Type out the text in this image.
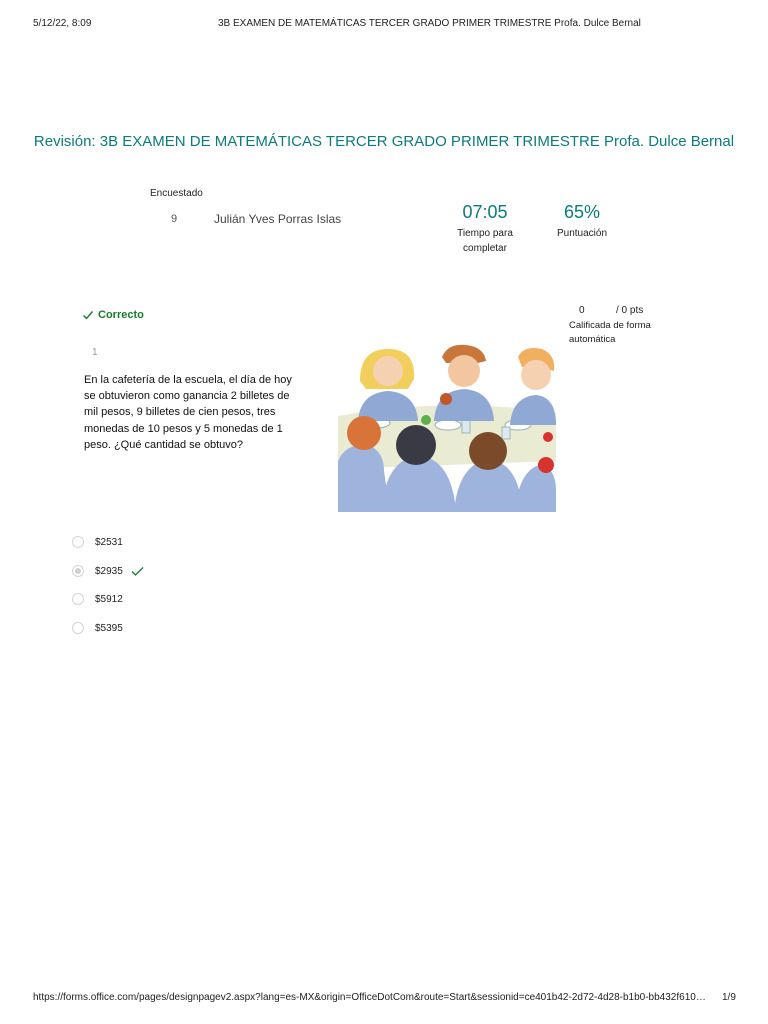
5/12/22, 8:09	3B EXAMEN DE MATEMÁTICAS TERCER GRADO PRIMER TRIMESTRE Profa. Dulce Bernal
Revisión: 3B EXAMEN DE MATEMÁTICAS TERCER GRADO PRIMER TRIMESTRE Profa. Dulce Bernal
Encuestado
9	Julián Yves Porras Islas	07:05
Tiempo para completar
65%
Puntuación
Correcto	0	/ 0 pts
Calificada de forma automática
1
En la cafetería de la escuela, el día de hoy se obtuvieron como ganancia 2 billetes de mil pesos, 9 billetes de cien pesos, tres monedas de 10 pesos y 5 monedas de 1 peso. ¿Qué cantidad se obtuvo?
$2531
$2935
$5912
$5395
https://forms.office.com/pages/designpagev2.aspx?lang=es-MX&origin=OfficeDotCom&route=Start&sessionid=ce401b42-2d72-4d28-b1b0-bb432f610… 1/9
